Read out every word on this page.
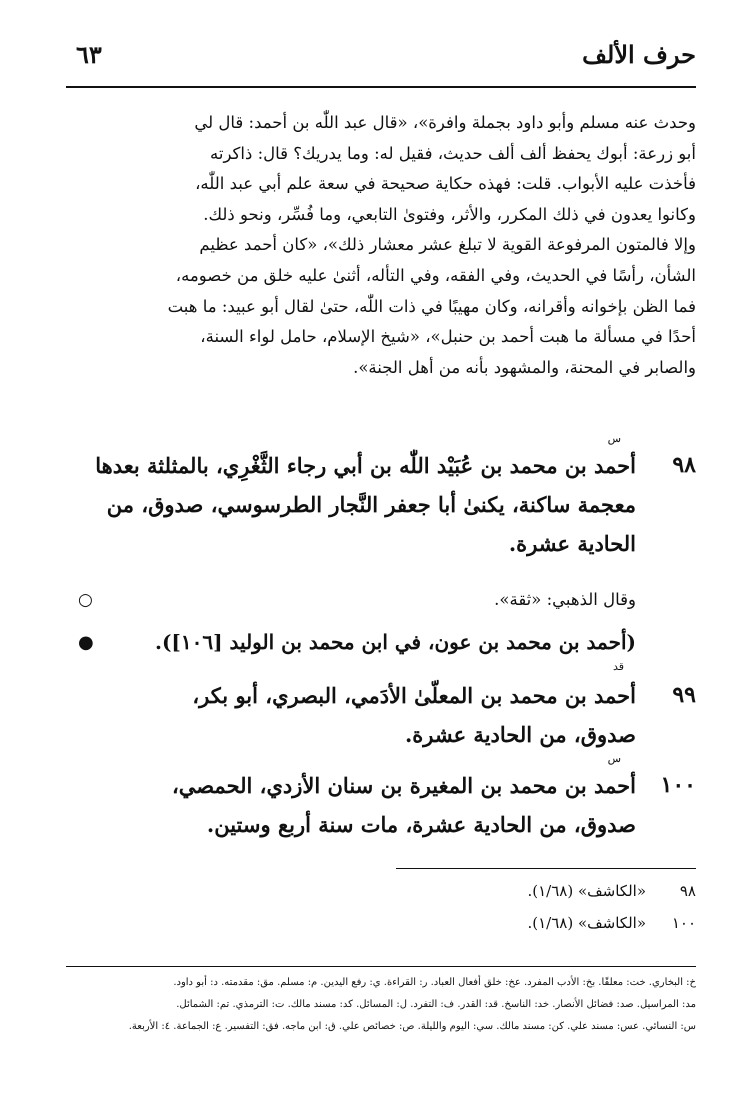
حرف الألف
٦٣
وحدث عنه مسلم وأبو داود بجملة وافرة»، «قال عبد اللّٰه بن أحمد: قال لي
أبو زرعة: أبوك يحفظ ألف ألف حديث، فقيل له: وما يدريك؟ قال: ذاكرته
فأخذت عليه الأبواب. قلت: فهذه حكاية صحيحة في سعة علم أبي عبد اللّٰه،
وكانوا يعدون في ذلك المكرر، والأثر، وفتوىٰ التابعي، وما فُسِّر، ونحو ذلك.
وإلا فالمتون المرفوعة القوية لا تبلغ عشر معشار ذلك»، «كان أحمد عظيم
الشأن، رأسًا في الحديث، وفي الفقه، وفي التأله، أثنىٰ عليه خلق من خصومه،
فما الظن بإخوانه وأقرانه، وكان مهيبًا في ذات اللّٰه، حتىٰ لقال أبو عبيد: ما هبت
أحدًا في مسألة ما هبت أحمد بن حنبل»، «شيخ الإسلام، حامل لواء السنة،
والصابر في المحنة، والمشهود بأنه من أهل الجنة».
س
٩٨
أحمد بن محمد بن عُبَيْد اللّٰه بن أبي رجاء الثَّغْرِي، بالمثلثة بعدها
معجمة ساكنة، يكنىٰ أبا جعفر النَّجار الطرسوسي، صدوق، من
الحادية عشرة.
وقال الذهبي: «ثقة».
○
(أحمد بن محمد بن عون، في ابن محمد بن الوليد [١٠٦]).
●
قد
٩٩
أحمد بن محمد بن المعلّىٰ الأدَمي، البصري، أبو بكر،
صدوق، من الحادية عشرة.
س
١٠٠
أحمد بن محمد بن المغيرة بن سنان الأزدي، الحمصي،
صدوق، من الحادية عشرة، مات سنة أربع وستين.
٩٨«الكاشف» (١/٦٨).
١٠٠«الكاشف» (١/٦٨).
خ: البخاري. خت: معلقًا. بخ: الأدب المفرد. عخ: خلق أفعال العباد. ر: القراءة. ي: رفع اليدين. م: مسلم. مق: مقدمته. د: أبو داود.
مد: المراسيل. صد: فضائل الأنصار. خد: الناسخ. قد: القدر. ف: التفرد. ل: المسائل. كد: مسند مالك. ت: الترمذي. تم: الشمائل.
س: النسائي. عس: مسند علي. كن: مسند مالك. سي: اليوم والليلة. ص: خصائص علي. ق: ابن ماجه. فق: التفسير. ع: الجماعة. ٤: الأربعة.
